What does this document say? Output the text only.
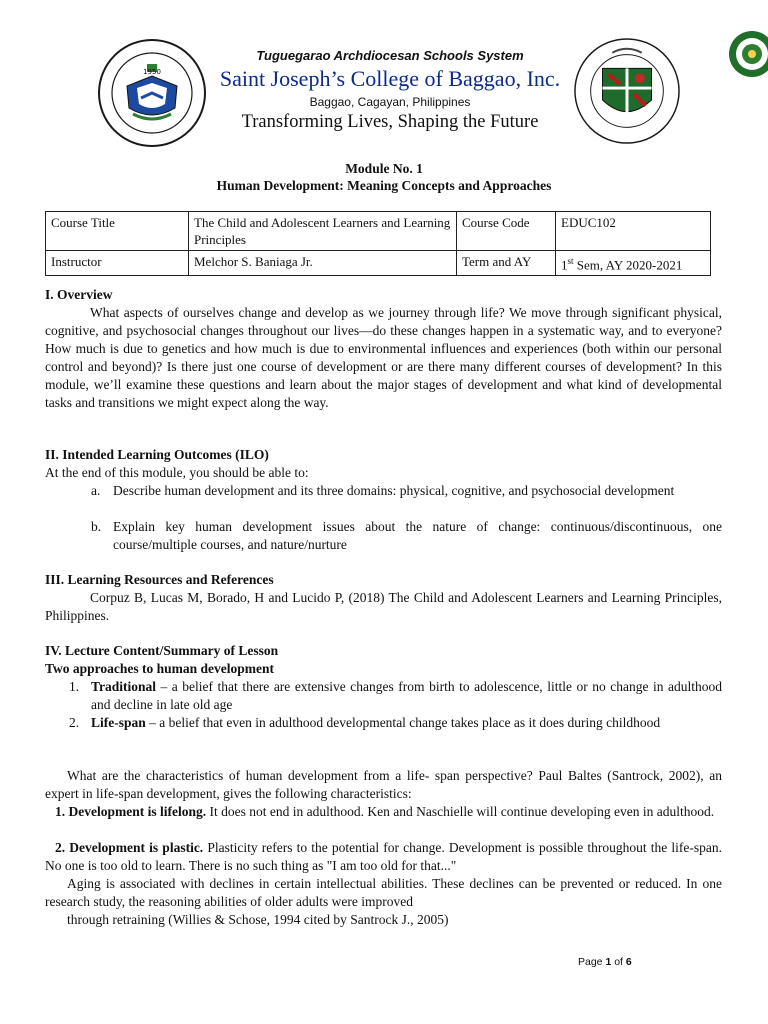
1950
Tuguegarao Archdiocesan Schools System
Saint Joseph’s College of Baggao, Inc.
Baggao, Cagayan, Philippines
Transforming Lives, Shaping the Future
Module No. 1
Human Development: Meaning Concepts and Approaches
Course Title	The Child and Adolescent Learners and Learning Principles	Course Code	EDUC102
Instructor	Melchor S. Baniaga Jr.	Term and AY	1st Sem, AY 2020-2021
I. Overview
What aspects of ourselves change and develop as we journey through life? We move through significant physical, cognitive, and psychosocial changes throughout our lives—do these changes happen in a systematic way, and to everyone? How much is due to genetics and how much is due to environmental influences and experiences (both within our personal control and beyond)? Is there just one course of development or are there many different courses of development? In this module, we’ll examine these questions and learn about the major stages of development and what kind of developmental tasks and transitions we might expect along the way.
II. Intended Learning Outcomes (ILO)
At the end of this module, you should be able to:
a. Describe human development and its three domains: physical, cognitive, and psychosocial development
b. Explain key human development issues about the nature of change: continuous/discontinuous, one course/multiple courses, and nature/nurture
III. Learning Resources and References
Corpuz B, Lucas M, Borado, H and Lucido P, (2018) The Child and Adolescent Learners and Learning Principles, Philippines.
IV. Lecture Content/Summary of Lesson
Two approaches to human development
1. Traditional – a belief that there are extensive changes from birth to adolescence, little or no change in adulthood and decline in late old age
2. Life-span – a belief that even in adulthood developmental change takes place as it does during childhood
What are the characteristics of human development from a life- span perspective? Paul Baltes (Santrock, 2002), an expert in life-span development, gives the following characteristics:
1. Development is lifelong. It does not end in adulthood. Ken and Naschielle will continue developing even in adulthood.
2. Development is plastic. Plasticity refers to the potential for change. Development is possible throughout the life-span. No one is too old to learn. There is no such thing as "I am too old for that..."
Aging is associated with declines in certain intellectual abilities. These declines can be prevented or reduced. In one research study, the reasoning abilities of older adults were improved
through retraining (Willies & Schose, 1994 cited by Santrock J., 2005)
Page 1 of 6
